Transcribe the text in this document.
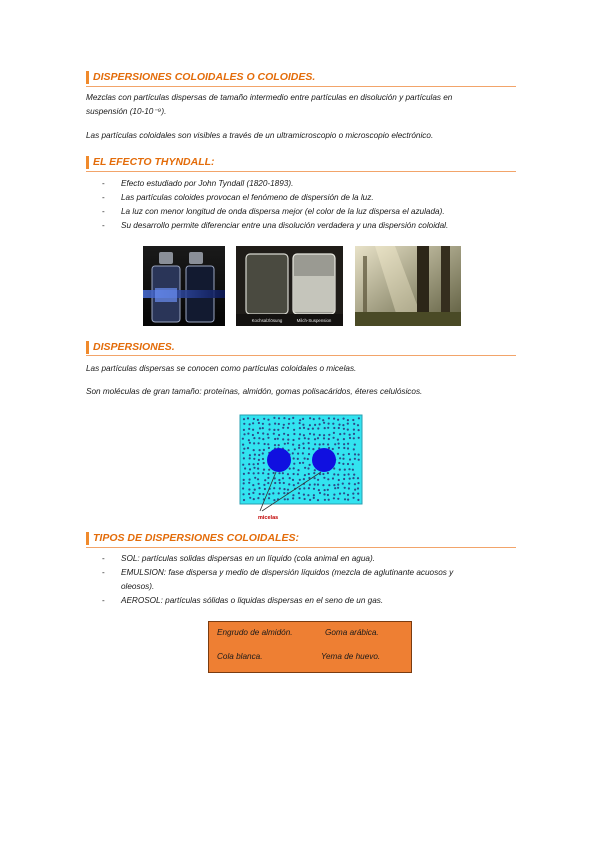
DISPERSIONES COLOIDALES O COLOIDES.
Mezclas con partículas dispersas de tamaño intermedio entre partículas en disolución y partículas en
suspensión (10-10⁻⁹).
Las partículas coloidales son visibles a través de un ultramicroscopio o microscopio electrónico.
EL EFECTO THYNDALL:
- Efecto estudiado por John Tyndall (1820-1893).
- Las partículas coloides provocan el fenómeno de dispersión de la luz.
- La luz con menor longitud de onda dispersa mejor (el color de la luz dispersa el azulada).
- Su desarrollo permite diferenciar entre una disolución verdadera y una dispersión coloidal.
Kochsalzlösung	Milch-Suspension
DISPERSIONES.
Las partículas dispersas se conocen como partículas coloidales o micelas.
Son moléculas de gran tamaño: proteínas, almidón, gomas polisacáridos, éteres celulósicos.
micelas
TIPOS DE DISPERSIONES COLOIDALES:
- SOL: partículas solidas dispersas en un líquido (cola animal en agua).
- EMULSION: fase dispersa y medio de dispersión líquidos (mezcla de aglutinante acuosos y
oleosos).
- AEROSOL: partículas sólidas o liquidas dispersas en el seno de un gas.
Engrudo de almidón.	Goma arábica.
Cola blanca.	Yema de huevo.
